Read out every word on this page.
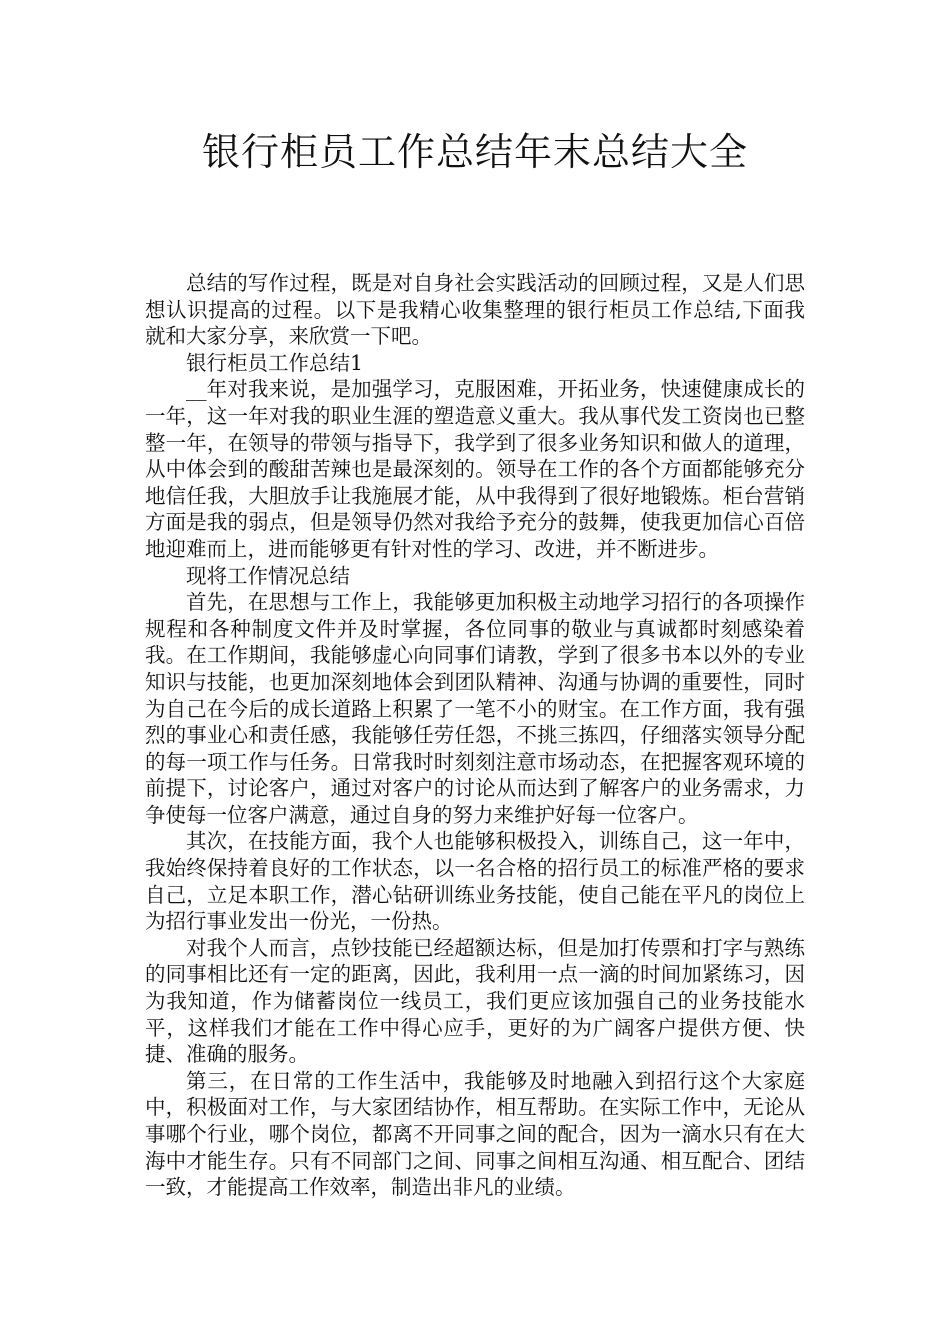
银行柜员工作总结年末总结大全

总结的写作过程，既是对自身社会实践活动的回顾过程，又是人们思想认识提高的过程。以下是我精心收集整理的银行柜员工作总结,下面我就和大家分享，来欣赏一下吧。

银行柜员工作总结1

__年对我来说，是加强学习，克服困难，开拓业务，快速健康成长的一年，这一年对我的职业生涯的塑造意义重大。我从事代发工资岗也已整整一年，在领导的带领与指导下，我学到了很多业务知识和做人的道理，从中体会到的酸甜苦辣也是最深刻的。领导在工作的各个方面都能够充分地信任我，大胆放手让我施展才能，从中我得到了很好地锻炼。柜台营销方面是我的弱点，但是领导仍然对我给予充分的鼓舞，使我更加信心百倍地迎难而上，进而能够更有针对性的学习、改进，并不断进步。

现将工作情况总结

首先，在思想与工作上，我能够更加积极主动地学习招行的各项操作规程和各种制度文件并及时掌握，各位同事的敬业与真诚都时刻感染着我。在工作期间，我能够虚心向同事们请教，学到了很多书本以外的专业知识与技能，也更加深刻地体会到团队精神、沟通与协调的重要性，同时为自己在今后的成长道路上积累了一笔不小的财宝。在工作方面，我有强烈的事业心和责任感，我能够任劳任怨，不挑三拣四，仔细落实领导分配的每一项工作与任务。日常我时时刻刻注意市场动态，在把握客观环境的前提下，讨论客户，通过对客户的讨论从而达到了解客户的业务需求，力争使每一位客户满意，通过自身的努力来维护好每一位客户。

其次，在技能方面，我个人也能够积极投入，训练自己，这一年中，我始终保持着良好的工作状态，以一名合格的招行员工的标准严格的要求自己，立足本职工作，潜心钻研训练业务技能，使自己能在平凡的岗位上为招行事业发出一份光，一份热。

对我个人而言，点钞技能已经超额达标，但是加打传票和打字与熟练的同事相比还有一定的距离，因此，我利用一点一滴的时间加紧练习，因为我知道，作为储蓄岗位一线员工，我们更应该加强自己的业务技能水平，这样我们才能在工作中得心应手，更好的为广阔客户提供方便、快捷、准确的服务。

第三，在日常的工作生活中，我能够及时地融入到招行这个大家庭中，积极面对工作，与大家团结协作，相互帮助。在实际工作中，无论从事哪个行业，哪个岗位，都离不开同事之间的配合，因为一滴水只有在大海中才能生存。只有不同部门之间、同事之间相互沟通、相互配合、团结一致，才能提高工作效率，制造出非凡的业绩。
